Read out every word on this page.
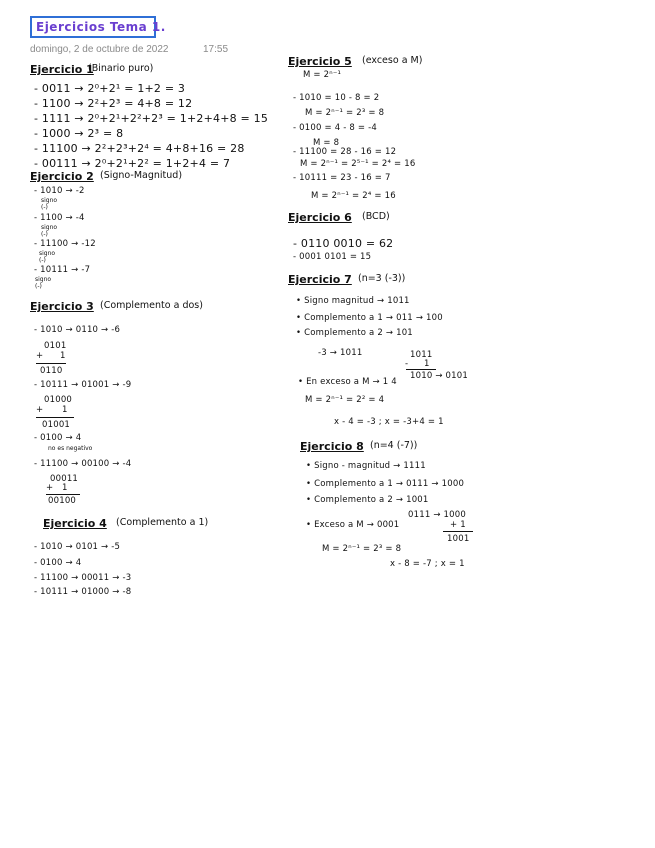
Ejercicios Tema 1.
domingo, 2 de octubre de 2022	17:55
Ejercicio 1
(Binario puro)
- 0011 → 2⁰+2¹ = 1+2 = 3
- 1100 → 2²+2³ = 4+8 = 12
- 1111 → 2⁰+2¹+2²+2³ = 1+2+4+8 = 15
- 1000 → 2³ = 8
- 11100 → 2²+2³+2⁴ = 4+8+16 = 28
- 00111 → 2⁰+2¹+2² = 1+2+4 = 7
Ejercicio 2 (Signo-Magnitud)
- 1010 → -2
signo
(-)
- 1100 → -4
signo
(-)
- 11100 → -12
signo
(-)
- 10111 → -7
signo
(-)
Ejercicio 3 (Complemento a dos)
- 1010 → 0110 → -6
0101
+ 1
0110
- 10111 → 01001 → -9
01000
+ 1
01001
- 0100 → 4
no es negativo
- 11100 → 00100 → -4
00011
+ 1
00100
Ejercicio 4 (Complemento a 1)
- 1010 → 0101 → -5
- 0100 → 4
- 11100 → 00011 → -3
- 10111 → 01000 → -8
Ejercicio 5 (exceso a M)
M = 2ⁿ⁻¹
- 1010 = 10 - 8 = 2
M = 2ⁿ⁻¹ = 2³ = 8
- 0100 = 4 - 8 = -4
M = 8
- 11100 = 28 - 16 = 12
M = 2ⁿ⁻¹ = 2⁵⁻¹ = 2⁴ = 16
- 10111 = 23 - 16 = 7
M = 2ⁿ⁻¹ = 2⁴ = 16
Ejercicio 6 (BCD)
- 0110 0010 = 62
- 0001 0101 = 15
Ejercicio 7 (n=3 (-3))
• Signo magnitud → 1011
• Complemento a 1 → 011 → 100
• Complemento a 2 → 101
-3 → 1011	1011
- 1
1010 → 0101
• En exceso a M → 1 4
M = 2ⁿ⁻¹ = 2² = 4
x - 4 = -3 ; x = -3+4 = 1
Ejercicio 8 (n=4 (-7))
• Signo - magnitud → 1111
• Complemento a 1 → 0111 → 1000
• Complemento a 2 → 1001
0111 → 1000
• Exceso a M → 0001	+ 1
1001
M = 2ⁿ⁻¹ = 2³ = 8
x - 8 = -7 ; x = 1
